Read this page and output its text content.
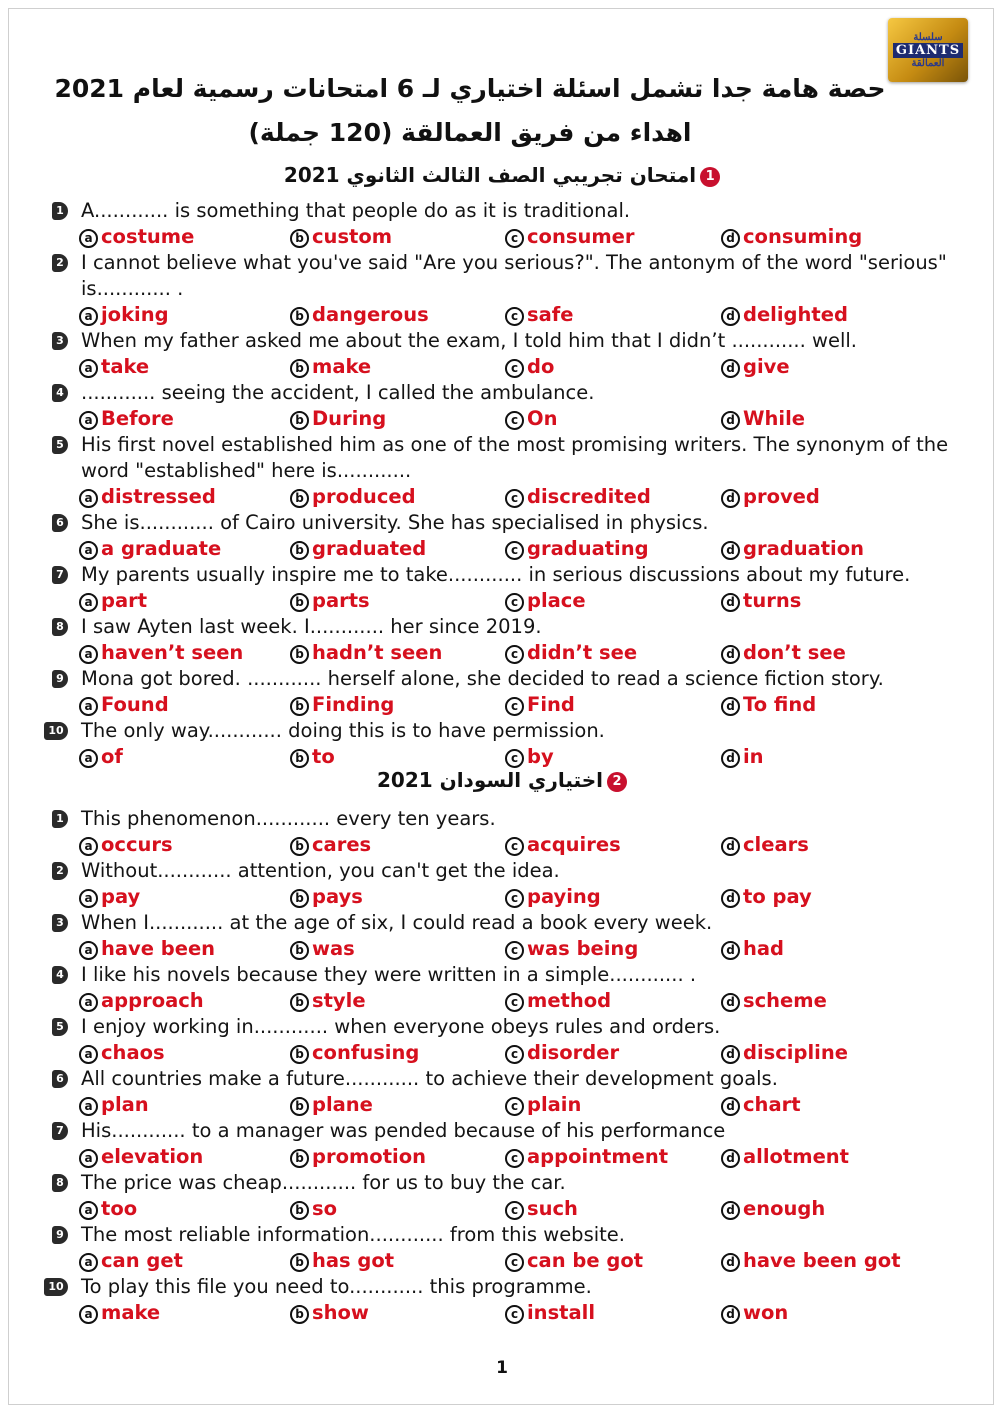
سلسلة
GIANTS
العمالقة
حصة هامة جدا تشمل اسئلة اختياري لـ 6 امتحانات رسمية لعام 2021
اهداء من فريق العمالقة (120 جملة)
1امتحان تجريبي الصف الثالث الثانوي 2021
1 A............ is something that people do as it is traditional.
a costume	b custom	c consumer	d consuming
2 I cannot believe what you've said "Are you serious?". The antonym of the word "serious" is............ .
a joking	b dangerous	c safe	d delighted
3 When my father asked me about the exam, I told him that I didn’t ............ well.
a take	b make	c do	d give
4 ............ seeing the accident, I called the ambulance.
a Before	b During	c On	d While
5 His first novel established him as one of the most promising writers. The synonym of the word "established" here is............
a distressed	b produced	c discredited	d proved
6 She is............ of Cairo university. She has specialised in physics.
a a graduate	b graduated	c graduating	d graduation
7 My parents usually inspire me to take............ in serious discussions about my future.
a part	b parts	c place	d turns
8 I saw Ayten last week. I............ her since 2019.
a haven’t seen	b hadn’t seen	c didn’t see	d don’t see
9 Mona got bored. ............ herself alone, she decided to read a science fiction story.
a Found	b Finding	c Find	d To find
10 The only way............ doing this is to have permission.
a of	b to	c by	d in
2اختياري السودان 2021
1 This phenomenon............ every ten years.
a occurs	b cares	c acquires	d clears
2 Without............ attention, you can't get the idea.
a pay	b pays	c paying	d to pay
3 When I............ at the age of six, I could read a book every week.
a have been	b was	c was being	d had
4 I like his novels because they were written in a simple............ .
a approach	b style	c method	d scheme
5 I enjoy working in............ when everyone obeys rules and orders.
a chaos	b confusing	c disorder	d discipline
6 All countries make a future............ to achieve their development goals.
a plan	b plane	c plain	d chart
7 His............ to a manager was pended because of his performance
a elevation	b promotion	c appointment	d allotment
8 The price was cheap............ for us to buy the car.
a too	b so	c such	d enough
9 The most reliable information............ from this website.
a can get	b has got	c can be got	d have been got
10 To play this file you need to............ this programme.
a make	b show	c install	d won
1
